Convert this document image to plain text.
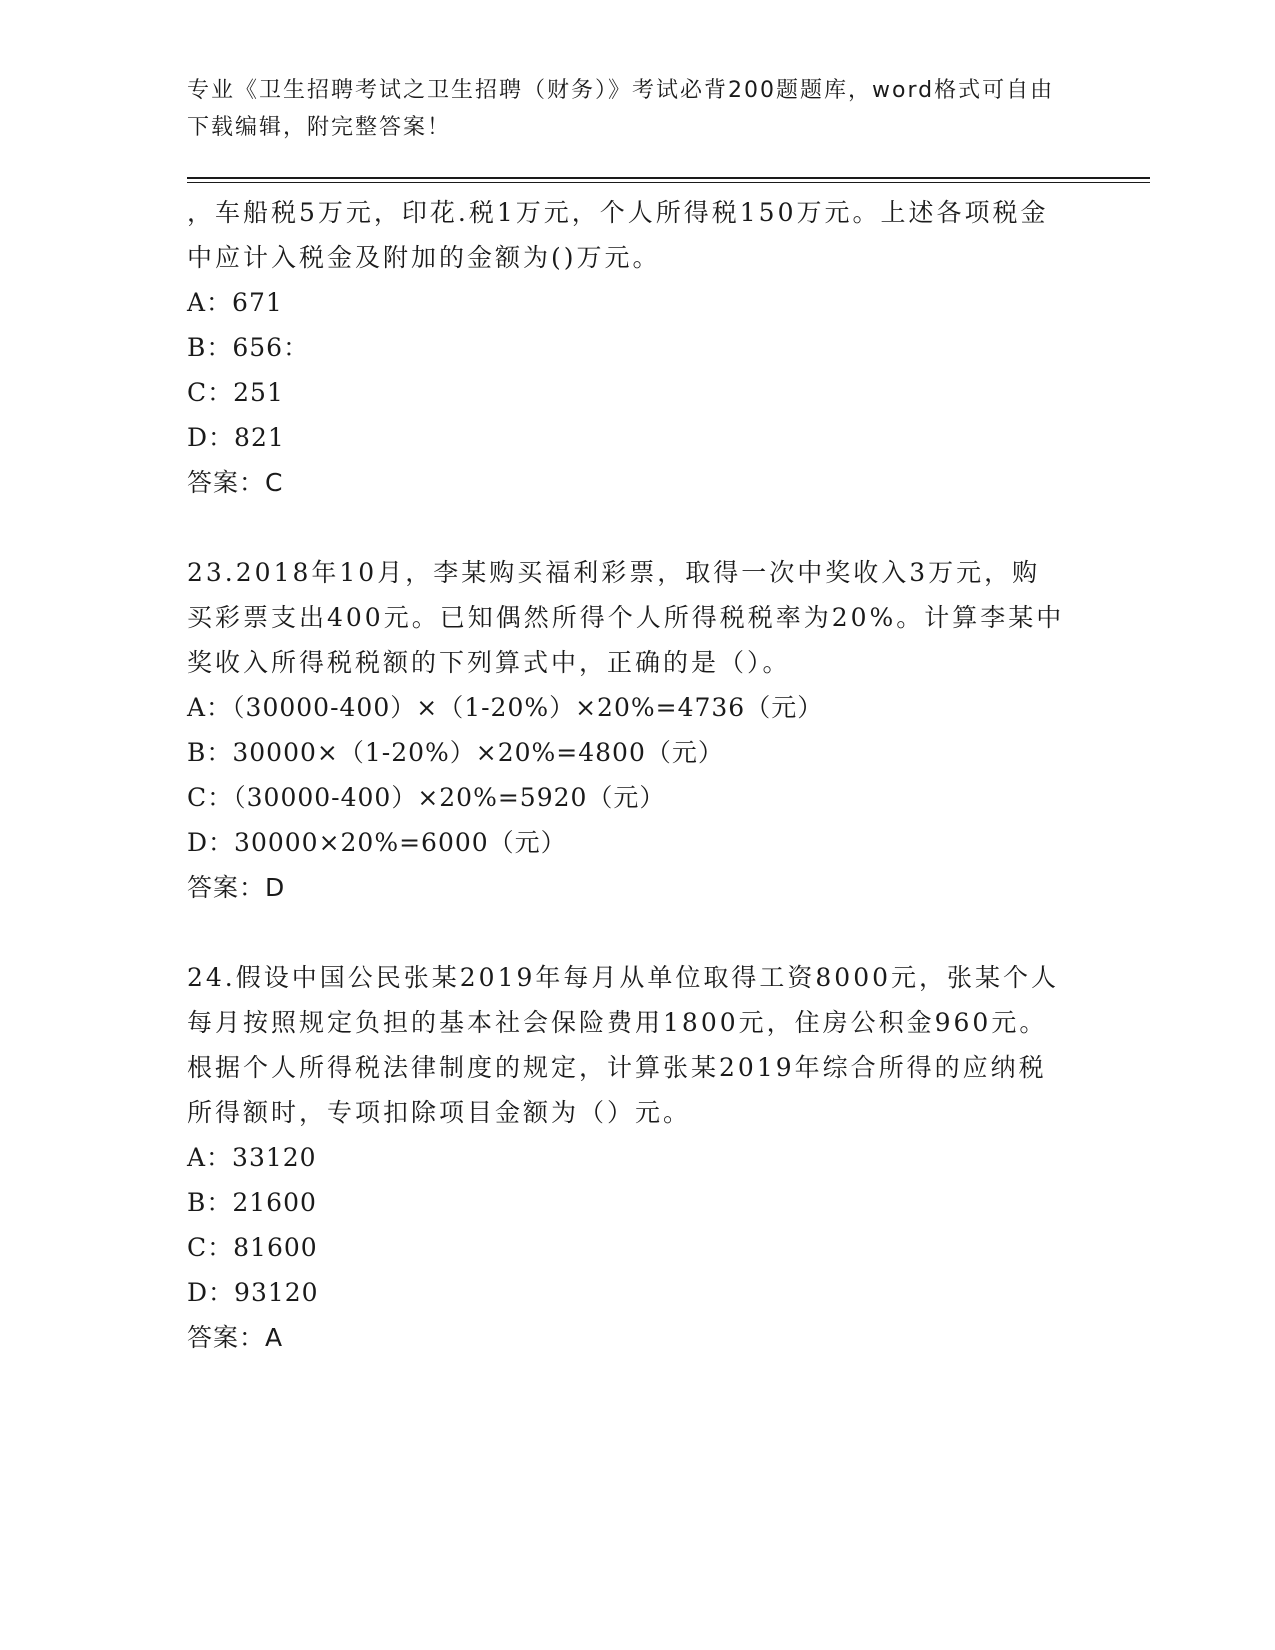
专业《卫生招聘考试之卫生招聘（财务）》考试必背200题题库，word格式可自由下载编辑，附完整答案！

，车船税5万元，印花.税1万元，个人所得税150万元。上述各项税金中应计入税金及附加的金额为()万元。

A：671

B：656：

C：251

D：821

答案：C

23.2018年10月，李某购买福利彩票，取得一次中奖收入3万元，购买彩票支出400元。已知偶然所得个人所得税税率为20%。计算李某中奖收入所得税税额的下列算式中，正确的是（）。

A：（30000-400）×（1-20%）×20%=4736（元）

B：30000×（1-20%）×20%=4800（元）

C：（30000-400）×20%=5920（元）

D：30000×20%=6000（元）

答案：D

24.假设中国公民张某2019年每月从单位取得工资8000元，张某个人每月按照规定负担的基本社会保险费用1800元，住房公积金960元。根据个人所得税法律制度的规定，计算张某2019年综合所得的应纳税所得额时，专项扣除项目金额为（）元。

A：33120

B：21600

C：81600

D：93120

答案：A
